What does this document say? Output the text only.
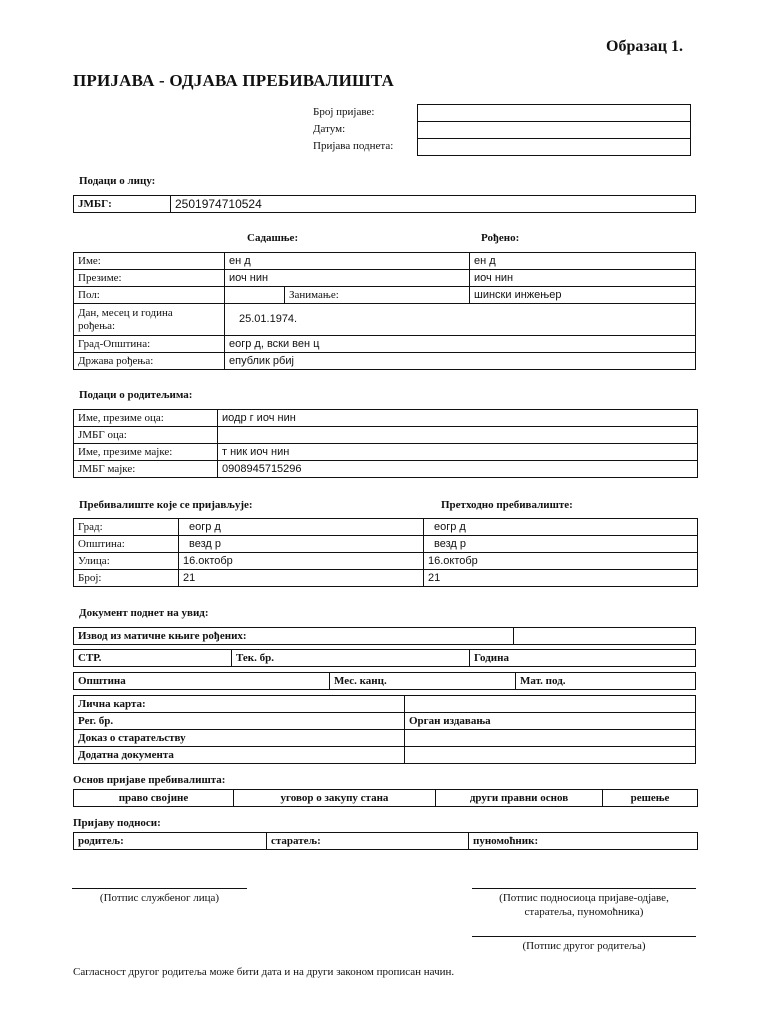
Образац 1.
ПРИЈАВА - ОДЈАВА ПРЕБИВАЛИШТА
Број пријаве:
Датум:
Пријава поднета:
Подаци о лицу:
ЈМБГ:	2501974710524
Садашње:	Рођено:
Име:	ен д		ен д
Презиме:	иоч нин		иоч нин
Пол:		Занимање:	шински инжењер
Дан, месец и година
рођења:	25.01.1974.		
Град-Општина:	еогр д, вски вен ц		
Држава рођења:	епублик рбиј		
Подаци о родитељима:
Име, презиме оца:	иодр г иоч нин
ЈМБГ оца:	
Име, презиме мајке:	т ник иоч нин
ЈМБГ мајке:	0908945715296
Пребивалиште које се пријављује:	Претходно пребивалиште:
Град:	еогр д	еогр д
Општина:	везд р	везд р
Улица:	16.октобр	16.октобр
Број:	21	21
Документ поднет на увид:
Извод из матичне књиге рођених:	
СТР.	Тек. бр.	Година
Општина	Мес. канц.	Мат. под.
Лична карта:	
Рег. бр.	Орган издавања
Доказ о старатељству	
Додатна документа	
Основ пријаве пребивалишта:
право својине	уговор о закупу стана	други правни основ	решење
Пријаву подноси:
родитељ:	старатељ:	пуномоћник:
(Потпис службеног лица)	(Потпис подносиоца пријаве-одјаве,
старатеља, пуномоћника)
(Потпис другог родитеља)
Сагласност другог родитеља може бити дата и на други законом прописан начин.
